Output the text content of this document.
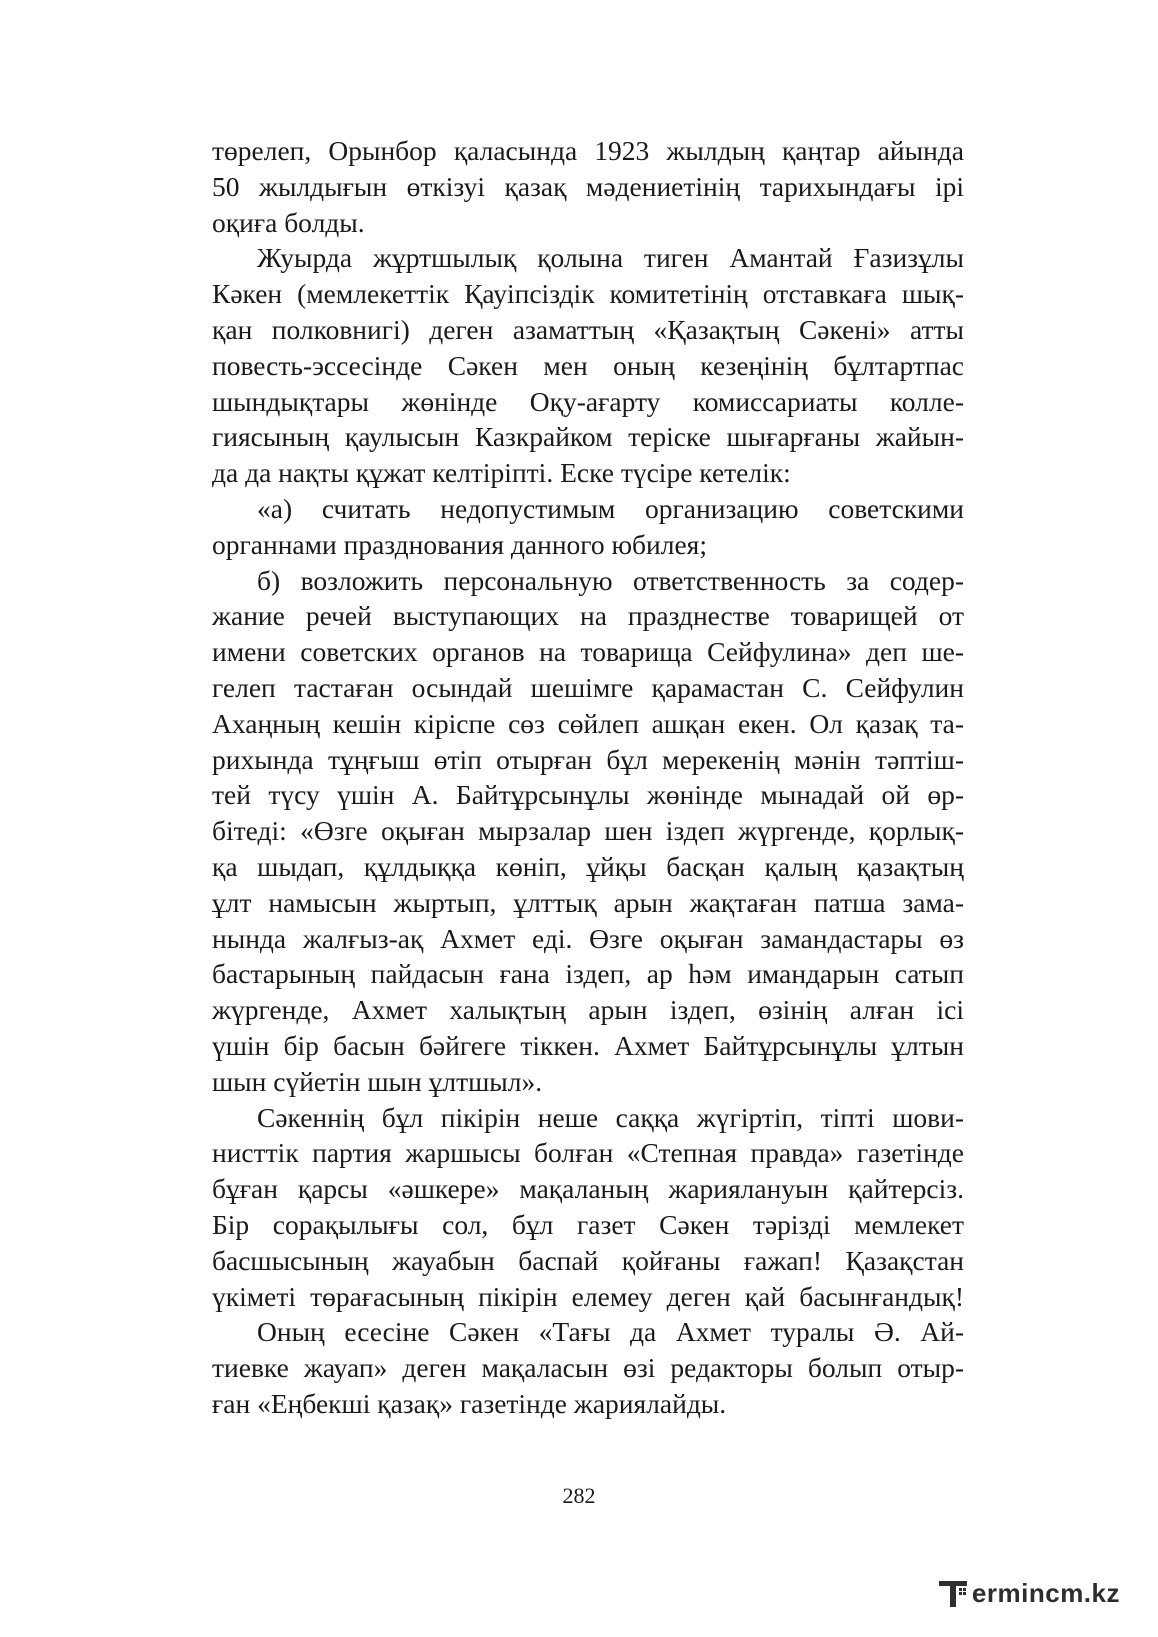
төрелеп, Орынбор қаласында 1923 жылдың қаңтар айында
50 жылдығын өткізуі қазақ мәдениетінің тарихындағы ірі
оқиға болды.
Жуырда жұртшылық қолына тиген Амантай Ғазизұлы
Кәкен (мемлекеттік Қауіпсіздік комитетінің отставкаға шық-
қан полковнигі) деген азаматтың «Қазақтың Сәкені» атты
повесть-эссесінде Сәкен мен оның кезеңінің бұлтартпас
шындықтары жөнінде Оқу-ағарту комиссариаты колле-
гиясының қаулысын Казкрайком теріске шығарғаны жайын-
да да нақты құжат келтіріпті. Еске түсіре кетелік:
«а) считать недопустимым организацию советскими
органнами празднования данного юбилея;
б) возложить персональную ответственность за содер-
жание речей выступающих на празднестве товарищей от
имени советских органов на товарища Сейфулина» деп ше-
гелеп тастаған осындай шешімге қарамастан С. Сейфулин
Ахаңның кешін кіріспе сөз сөйлеп ашқан екен. Ол қазақ та-
рихында тұңғыш өтіп отырған бұл мерекенің мәнін тәптіш-
тей түсу үшін А. Байтұрсынұлы жөнінде мынадай ой өр-
бітеді: «Өзге оқыған мырзалар шен іздеп жүргенде, қорлық-
қа шыдап, құлдыққа көніп, ұйқы басқан қалың қазақтың
ұлт намысын жыртып, ұлттық арын жақтаған патша зама-
нында жалғыз-ақ Ахмет еді. Өзге оқыған замандастары өз
бастарының пайдасын ғана іздеп, ар һәм имандарын сатып
жүргенде, Ахмет халықтың арын іздеп, өзінің алған ісі
үшін бір басын бәйгеге тіккен. Ахмет Байтұрсынұлы ұлтын
шын сүйетін шын ұлтшыл».
Сәкеннің бұл пікірін неше саққа жүгіртіп, тіпті шови-
нисттік партия жаршысы болған «Степная правда» газетінде
бұған қарсы «әшкере» мақаланың жариялануын қайтерсіз.
Бір сорақылығы сол, бұл газет Сәкен тәрізді мемлекет
басшысының жауабын баспай қойғаны ғажап! Қазақстан
үкіметі төрағасының пікірін елемеу деген қай басынғандық!
Оның есесіне Сәкен «Тағы да Ахмет туралы Ә. Ай-
тиевке жауап» деген мақаласын өзі редакторы болып отыр-
ған «Еңбекші қазақ» газетінде жариялайды.
282
ermin c m.kz
